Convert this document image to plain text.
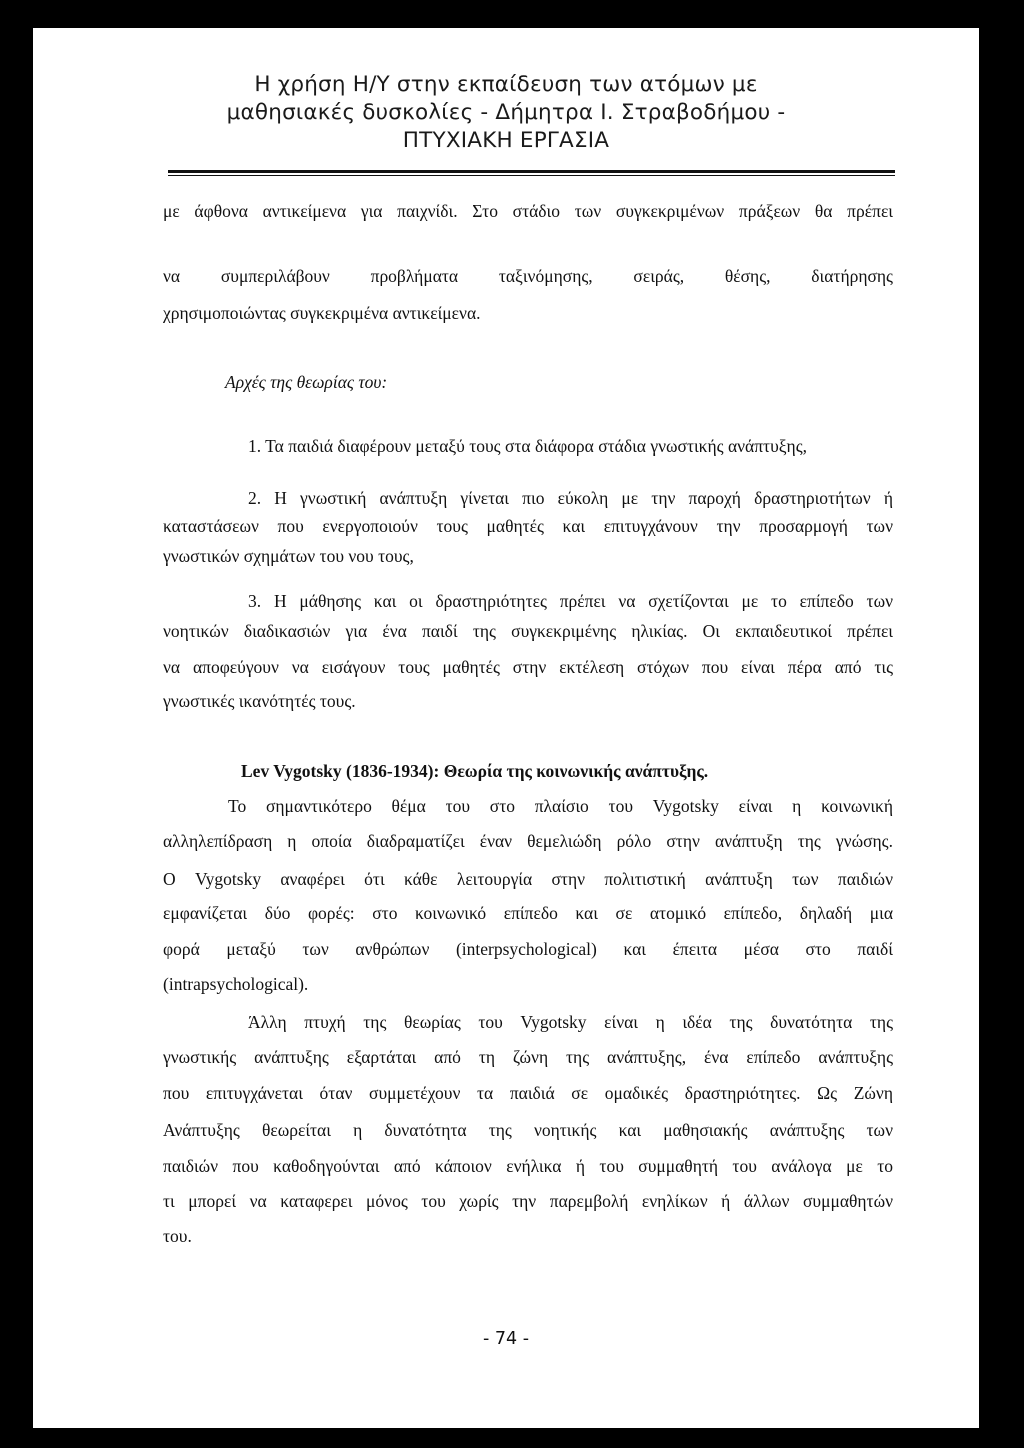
Η χρήση Η/Υ στην εκπαίδευση των ατόμων με
μαθησιακές δυσκολίες - Δήμητρα Ι. Στραβοδήμου -
ΠΤΥΧΙΑΚΗ ΕΡΓΑΣΙΑ
με άφθονα αντικείμενα για παιχνίδι. Στο στάδιο των συγκεκριμένων πράξεων θα πρέπει
να συμπεριλάβουν προβλήματα ταξινόμησης, σειράς, θέσης, διατήρησης
χρησιμοποιώντας συγκεκριμένα αντικείμενα.
Αρχές της θεωρίας του:
1. Τα παιδιά διαφέρουν μεταξύ τους στα διάφορα στάδια γνωστικής ανάπτυξης,
2. Η γνωστική ανάπτυξη γίνεται πιο εύκολη με την παροχή δραστηριοτήτων ή
καταστάσεων που ενεργοποιούν τους μαθητές και επιτυγχάνουν την προσαρμογή των
γνωστικών σχημάτων του νου τους,
3. Η μάθησης και οι δραστηριότητες πρέπει να σχετίζονται με το επίπεδο των
νοητικών διαδικασιών για ένα παιδί της συγκεκριμένης ηλικίας. Οι εκπαιδευτικοί πρέπει
να αποφεύγουν να εισάγουν τους μαθητές στην εκτέλεση στόχων που είναι πέρα από τις
γνωστικές ικανότητές τους.
Lev Vygotsky (1836-1934): Θεωρία της κοινωνικής ανάπτυξης.
Το σημαντικότερο θέμα του στο πλαίσιο του Vygotsky είναι η κοινωνική
αλληλεπίδραση η οποία διαδραματίζει έναν θεμελιώδη ρόλο στην ανάπτυξη της γνώσης.
Ο Vygotsky αναφέρει ότι κάθε λειτουργία στην πολιτιστική ανάπτυξη των παιδιών
εμφανίζεται δύο φορές: στο κοινωνικό επίπεδο και σε ατομικό επίπεδο, δηλαδή μια
φορά μεταξύ των ανθρώπων (interpsychological) και έπειτα μέσα στο παιδί
(intrapsychological).
Άλλη πτυχή της θεωρίας του Vygotsky είναι η ιδέα της δυνατότητα της
γνωστικής ανάπτυξης εξαρτάται από τη ζώνη της ανάπτυξης, ένα επίπεδο ανάπτυξης
που επιτυγχάνεται όταν συμμετέχουν τα παιδιά σε ομαδικές δραστηριότητες. Ως Ζώνη
Ανάπτυξης θεωρείται η δυνατότητα της νοητικής και μαθησιακής ανάπτυξης των
παιδιών που καθοδηγούνται από κάποιον ενήλικα ή του συμμαθητή του ανάλογα με το
τι μπορεί να καταφερει μόνος του χωρίς την παρεμβολή ενηλίκων ή άλλων συμμαθητών
του.
- 74 -
